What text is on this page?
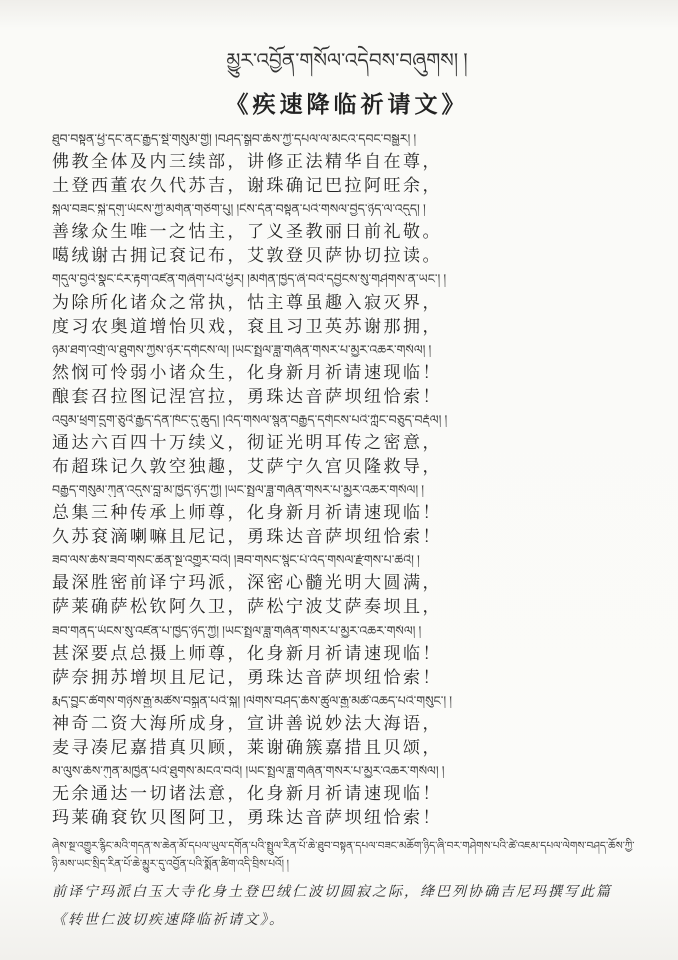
མྱུར་འབྱོན་གསོལ་འདེབས་བཞུགས། །
《疾速降临祈请文》
ཐུབ་བསྟན་ཕྱི་དང་ནང་རྒྱུད་སྡེ་གསུམ་གྱི། །བཤད་སྒྲུབ་ཆོས་ཀྱི་དཔལ་ལ་མངའ་དབང་བསྒྱུར། །
佛教全体及内三续部，讲修正法精华自在尊，
土登西董农久代苏吉，谢珠确记巴拉阿旺余，
སྐལ་བཟང་སྐྱེ་དགུ་ཡོངས་ཀྱི་མགོན་གཅིག་པུ། །ངེས་དོན་བསྟན་པའི་གསལ་བྱེད་ཉིད་ལ་འདུད། །
善缘众生唯一之怙主，了义圣教丽日前礼敬。
噶绒谢古拥记袞记布，艾敦登贝萨协切拉读。
གདུལ་བྱའི་སྣང་ངོར་རྟག་འཛིན་གཞིག་པའི་ཕྱིར། །མགོན་ཁྱེད་ཞི་བའི་དབྱིངས་སུ་གཤེགས་ན་ཡང་། །
为除所化诸众之常执，怙主尊虽趣入寂灭界，
度习农奥道增怡贝戏，袞且习卫英苏谢那拥，
ཉམ་ཐག་འགྲོ་ལ་ཐུགས་ཀྱིས་ཉེར་དགོངས་ལ། །ཡང་སྤྲུལ་ཟླ་གཞོན་གསར་པ་མྱུར་འཆར་གསོལ། །
然悯可怜弱小诸众生，化身新月祈请速现临！
酿套召拉图记涅宫拉，勇珠达音萨坝纽恰索！
འབུམ་ཕྲག་དྲུག་ཅུའི་རྒྱུད་དོན་ཁོང་དུ་ཆུད། །འོད་གསལ་སྙན་བརྒྱུད་དགོངས་པའི་ཀློང་བཅུད་བརྡོལ། །
通达六百四十万续义，彻证光明耳传之密意，
布超珠记久敦空独趣，艾萨宁久宫贝隆救导，
བརྒྱུད་གསུམ་ཀུན་འདུས་བླ་མ་ཁྱེད་ཉིད་ཀྱི། །ཡང་སྤྲུལ་ཟླ་གཞོན་གསར་པ་མྱུར་འཆར་གསོལ། །
总集三种传承上师尊，化身新月祈请速现临！
久苏袞滴喇嘛且尼记，勇珠达音萨坝纽恰索！
ཟབ་ལས་ཆོས་ཟབ་གསང་ཆེན་སྔ་འགྱུར་བའི། །ཟབ་གསང་སྙིང་པོ་འོད་གསལ་རྫོགས་པ་ཆེའི། །
最深胜密前译宁玛派，深密心髓光明大圆满，
萨莱确萨松钦阿久卫，萨松宁波艾萨奏坝且，
ཟབ་གནད་ཡོངས་སུ་འཛིན་པ་ཁྱེད་ཉིད་ཀྱི། །ཡང་སྤྲུལ་ཟླ་གཞོན་གསར་པ་མྱུར་འཆར་གསོལ། །
甚深要点总摄上师尊，化身新月祈请速现临！
萨奈拥苏增坝且尼记，勇珠达音萨坝纽恰索！
རྨད་བྱུང་ཚོགས་གཉིས་རྒྱ་མཚོས་བསྐྲུན་པའི་སྐུ། །ལེགས་བཤད་ཆོས་ཚུལ་རྒྱ་མཚོ་འཆད་པའི་གསུང་། །
神奇二资大海所成身，宣讲善说妙法大海语，
麦寻凑尼嘉措真贝顾，莱谢确簇嘉措且贝颂，
མ་ལུས་ཆོས་ཀུན་མཁྱེན་པའི་ཐུགས་མངའ་བའི། །ཡང་སྤྲུལ་ཟླ་གཞོན་གསར་པ་མྱུར་འཆར་གསོལ། །
无余通达一切诸法意，化身新月祈请速现临！
玛莱确袞钦贝图阿卫，勇珠达音萨坝纽恰索！
ཞེས་སྔ་འགྱུར་རྙིང་མའི་གདན་ས་ཆེན་མོ་དཔལ་ཡུལ་དགོན་པའི་སྤྲུལ་རིན་པོ་ཆེ་ཐུབ་བསྟན་དཔལ་བཟང་མཆོག་ཉིད་ཞི་བར་གཤེགས་པའི་ཚེ་འཇམ་དཔལ་ལེགས་བཤད་ཆོས་ཀྱི་ཉི་མས་ཡང་སྲིད་རིན་པོ་ཆེ་མྱུར་དུ་འབྱོན་པའི་སྨོན་ཚིག་འདི་བྲིས་པའོ། །
前译宁玛派白玉大寺化身土登巴绒仁波切圆寂之际，绛巴列协确吉尼玛撰写此篇《转世仁波切疾速降临祈请文》。
